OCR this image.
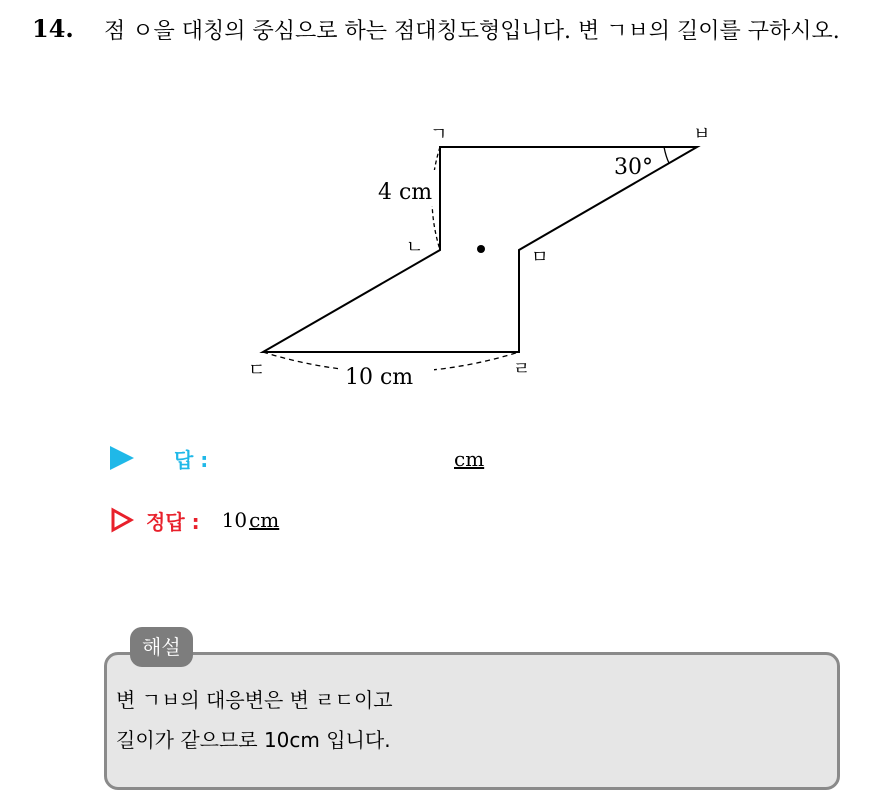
14. 점 ㅇ을 대칭의 중심으로 하는 점대칭도형입니다. 변 ㄱㅂ의 길이를 구하시오.
4 cm
10 cm
30°
ㄱ	ㅂ
ㄴ	ㅁ
ㄷ	ㄹ
답 :	cm
정답 : 10 cm
해설
변 ㄱㅂ의 대응변은 변 ㄹㄷ이고
길이가 같으므로 10cm 입니다.
